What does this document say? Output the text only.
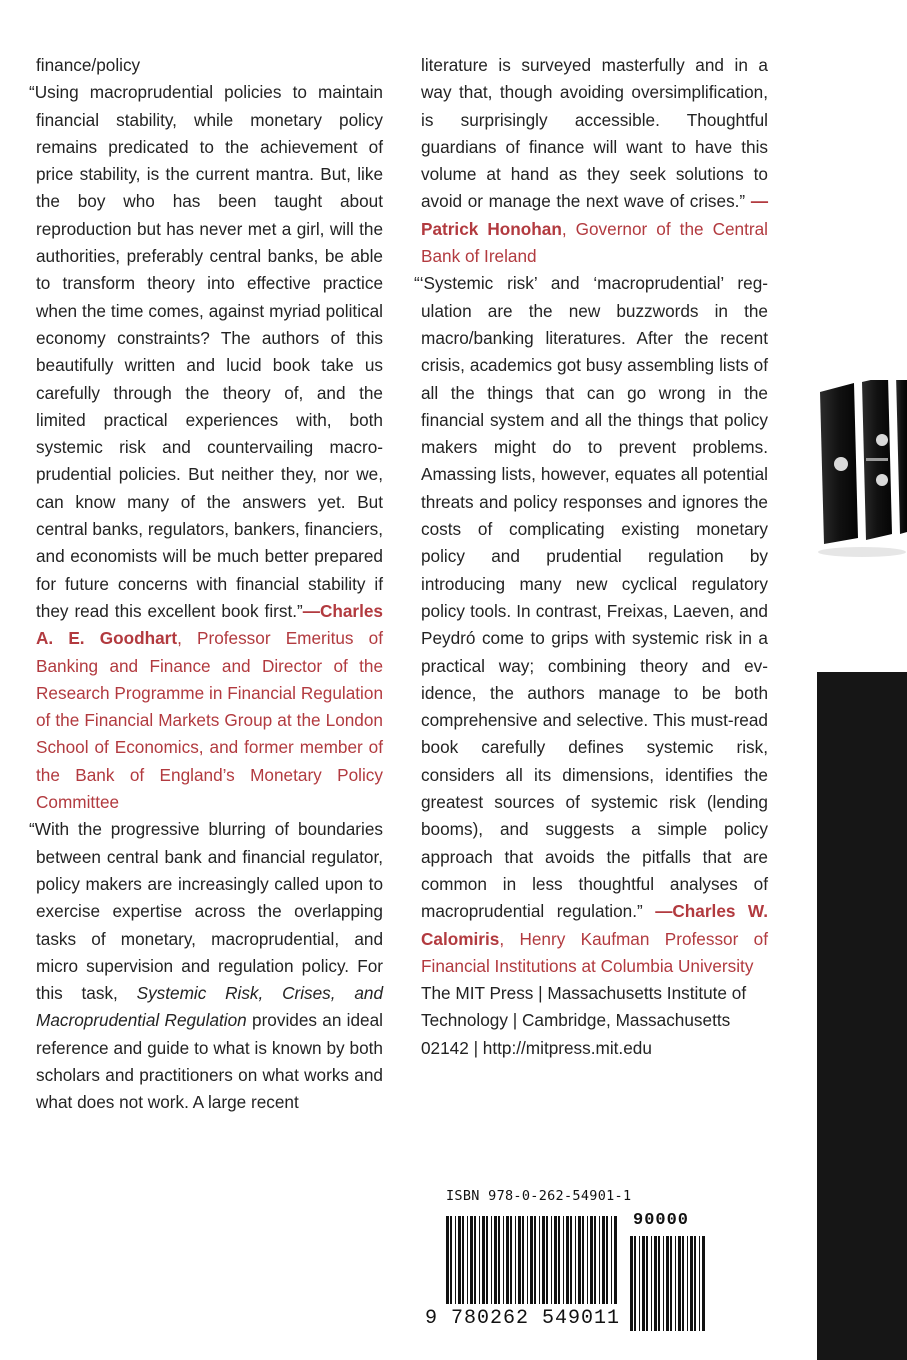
finance/policy

“Using macroprudential policies to maintain financial stability, while monetary policy remains predicated to the achievement of price stability, is the current mantra. But, like the boy who has been taught about reproduction but has never met a girl, will the authorities, preferably central banks, be able to transform theory into effective practice when the time comes, against myriad political economy constraints? The authors of this beautifully written and lucid book take us carefully through the theory of, and the limited practical experiences with, both systemic risk and countervailing macroprudential policies. But neither they, nor we, can know many of the answers yet. But central banks, regulators, bankers, financiers, and economists will be much better prepared for future concerns with financial stability if they read this excellent book first.”—Charles A. E. Goodhart, Professor Emeritus of Banking and Finance and Director of the Research Programme in Financial Regulation of the Financial Markets Group at the London School of Economics, and former member of the Bank of England’s Monetary Policy Committee

“With the progressive blurring of boundaries between central bank and financial regulator, policy makers are increasingly called upon to exercise expertise across the overlapping tasks of monetary, macroprudential, and micro supervision and regulation policy. For this task, Systemic Risk, Crises, and Macroprudential Regulation provides an ideal reference and guide to what is known by both scholars and practitioners on what works and what does not work. A large recent

literature is surveyed masterfully and in a way that, though avoiding oversimplification, is surprisingly accessible. Thoughtful guardians of finance will want to have this volume at hand as they seek solutions to avoid or manage the next wave of crises.” —Patrick Honohan, Governor of the Central Bank of Ireland

“‘Systemic risk’ and ‘macroprudential’ regulation are the new buzzwords in the macro/banking literatures. After the recent crisis, academics got busy assembling lists of all the things that can go wrong in the financial system and all the things that policy makers might do to prevent problems. Amassing lists, however, equates all potential threats and policy responses and ignores the costs of complicating existing monetary policy and prudential regulation by introducing many new cyclical regulatory policy tools. In contrast, Freixas, Laeven, and Peydró come to grips with systemic risk in a practical way; combining theory and evidence, the authors manage to be both comprehensive and selective. This must-read book carefully defines systemic risk, considers all its dimensions, identifies the greatest sources of systemic risk (lending booms), and suggests a simple policy approach that avoids the pitfalls that are common in less thoughtful analyses of macroprudential regulation.” —Charles W. Calomiris, Henry Kaufman Professor of Financial Institutions at Columbia University

The MIT Press | Massachusetts Institute of Technology | Cambridge, Massachusetts 02142 | http://mitpress.mit.edu

ISBN 978-0-262-54901-1
90000
9 780262 549011
